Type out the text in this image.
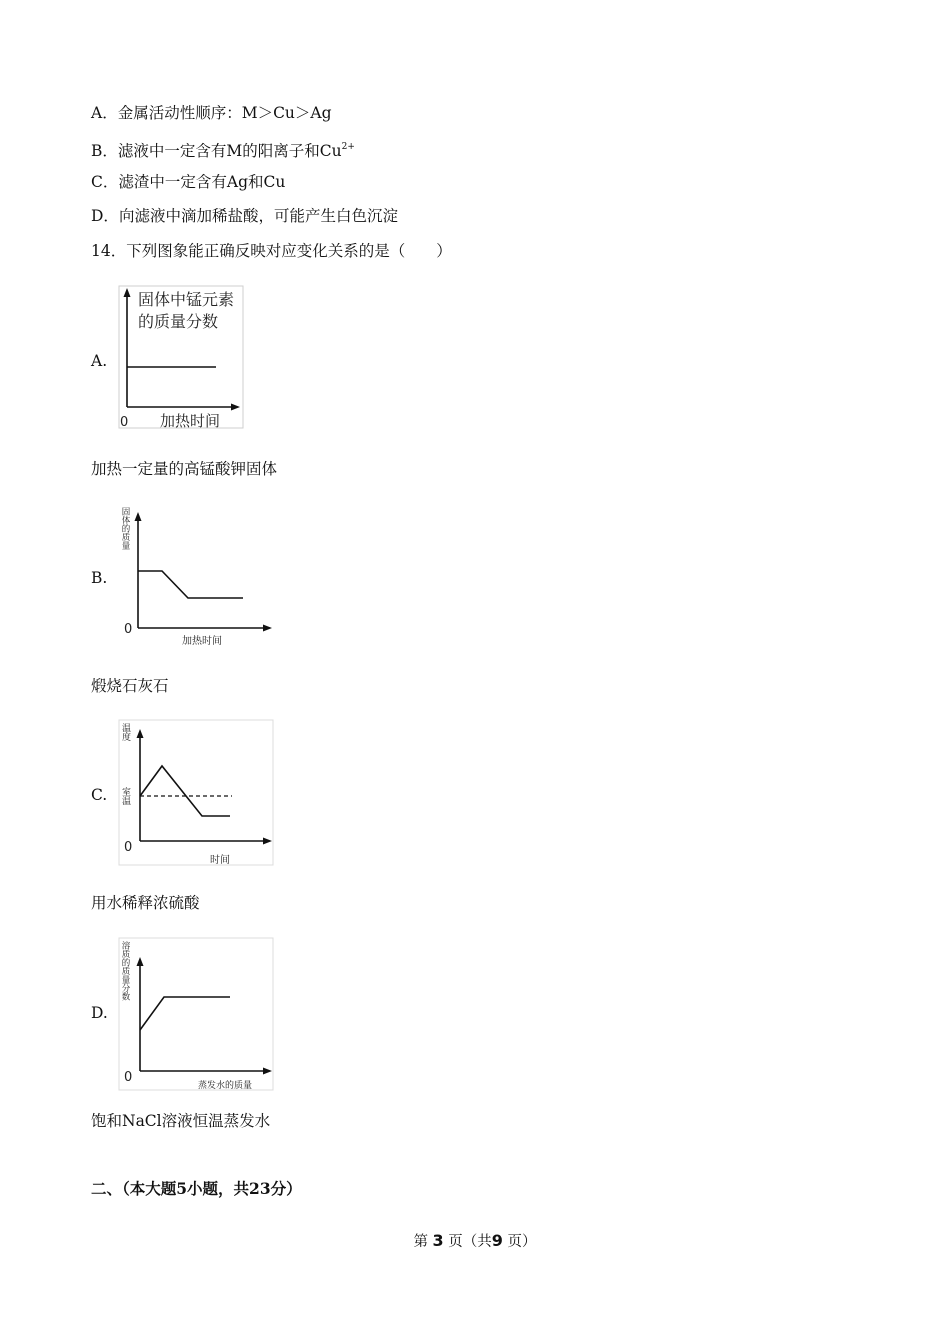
A．金属活动性顺序：M＞Cu＞Ag
B．滤液中一定含有M的阳离子和$Cu^{2+}$
C．滤渣中一定含有Ag和Cu
D．向滤液中滴加稀盐酸，可能产生白色沉淀
14．下列图象能正确反映对应变化关系的是（　　）
A.
固体中锰元素
的质量分数
0 加热时间
加热一定量的高锰酸钾固体
B.
固体的质量
0
加热时间
煅烧石灰石
C.
温度
室温
0
时间
用水稀释浓硫酸
D.
溶质的质量分数
0
蒸发水的质量
饱和NaCl溶液恒温蒸发水
二、（本大题5小题，共23分）
第 3 页（共9 页）
